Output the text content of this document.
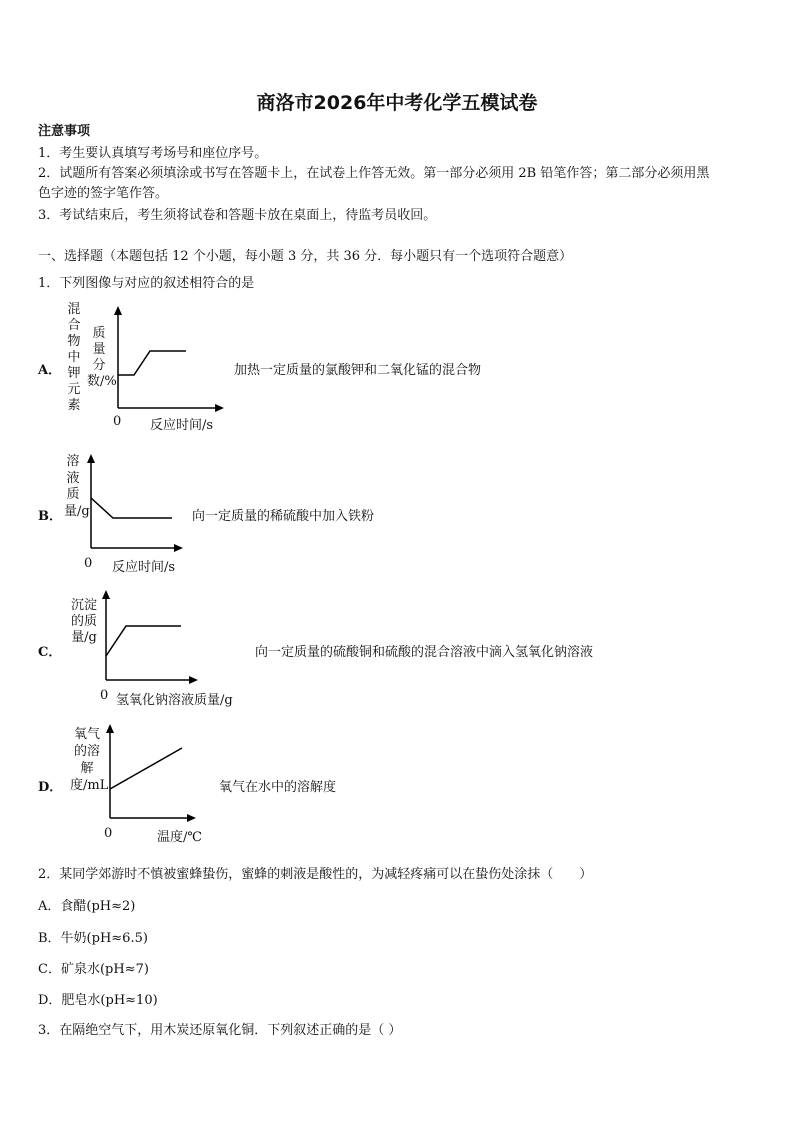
商洛市2026年中考化学五模试卷
注意事项
1．考生要认真填写考场号和座位序号。
2．试题所有答案必须填涂或书写在答题卡上，在试卷上作答无效。第一部分必须用 2B 铅笔作答；第二部分必须用黑
色字迹的签字笔作答。
3．考试结束后，考生须将试卷和答题卡放在桌面上，待监考员收回。
一、选择题（本题包括 12 个小题，每小题 3 分，共 36 分．每小题只有一个选项符合题意）
1．下列图像与对应的叙述相符合的是
A．
混合物中钾元素
质量分数/%
0 反应时间/s
加热一定质量的氯酸钾和二氧化锰的混合物
B．
溶液质量/g
0 反应时间/s
向一定质量的稀硫酸中加入铁粉
C．
沉淀的质量/g
0 氢氧化钠溶液质量/g
向一定质量的硫酸铜和硫酸的混合溶液中滴入氢氧化钠溶液
D．
氧气的溶解度/mL
0	温度/℃
氧气在水中的溶解度
2．某同学郊游时不慎被蜜蜂蛰伤，蜜蜂的刺液是酸性的，为减轻疼痛可以在蛰伤处涂抹（　　）
A．食醋(pH≈2)
B．牛奶(pH≈6.5)
C．矿泉水(pH≈7)
D．肥皂水(pH≈10)
3．在隔绝空气下，用木炭还原氧化铜．下列叙述正确的是（ ）
